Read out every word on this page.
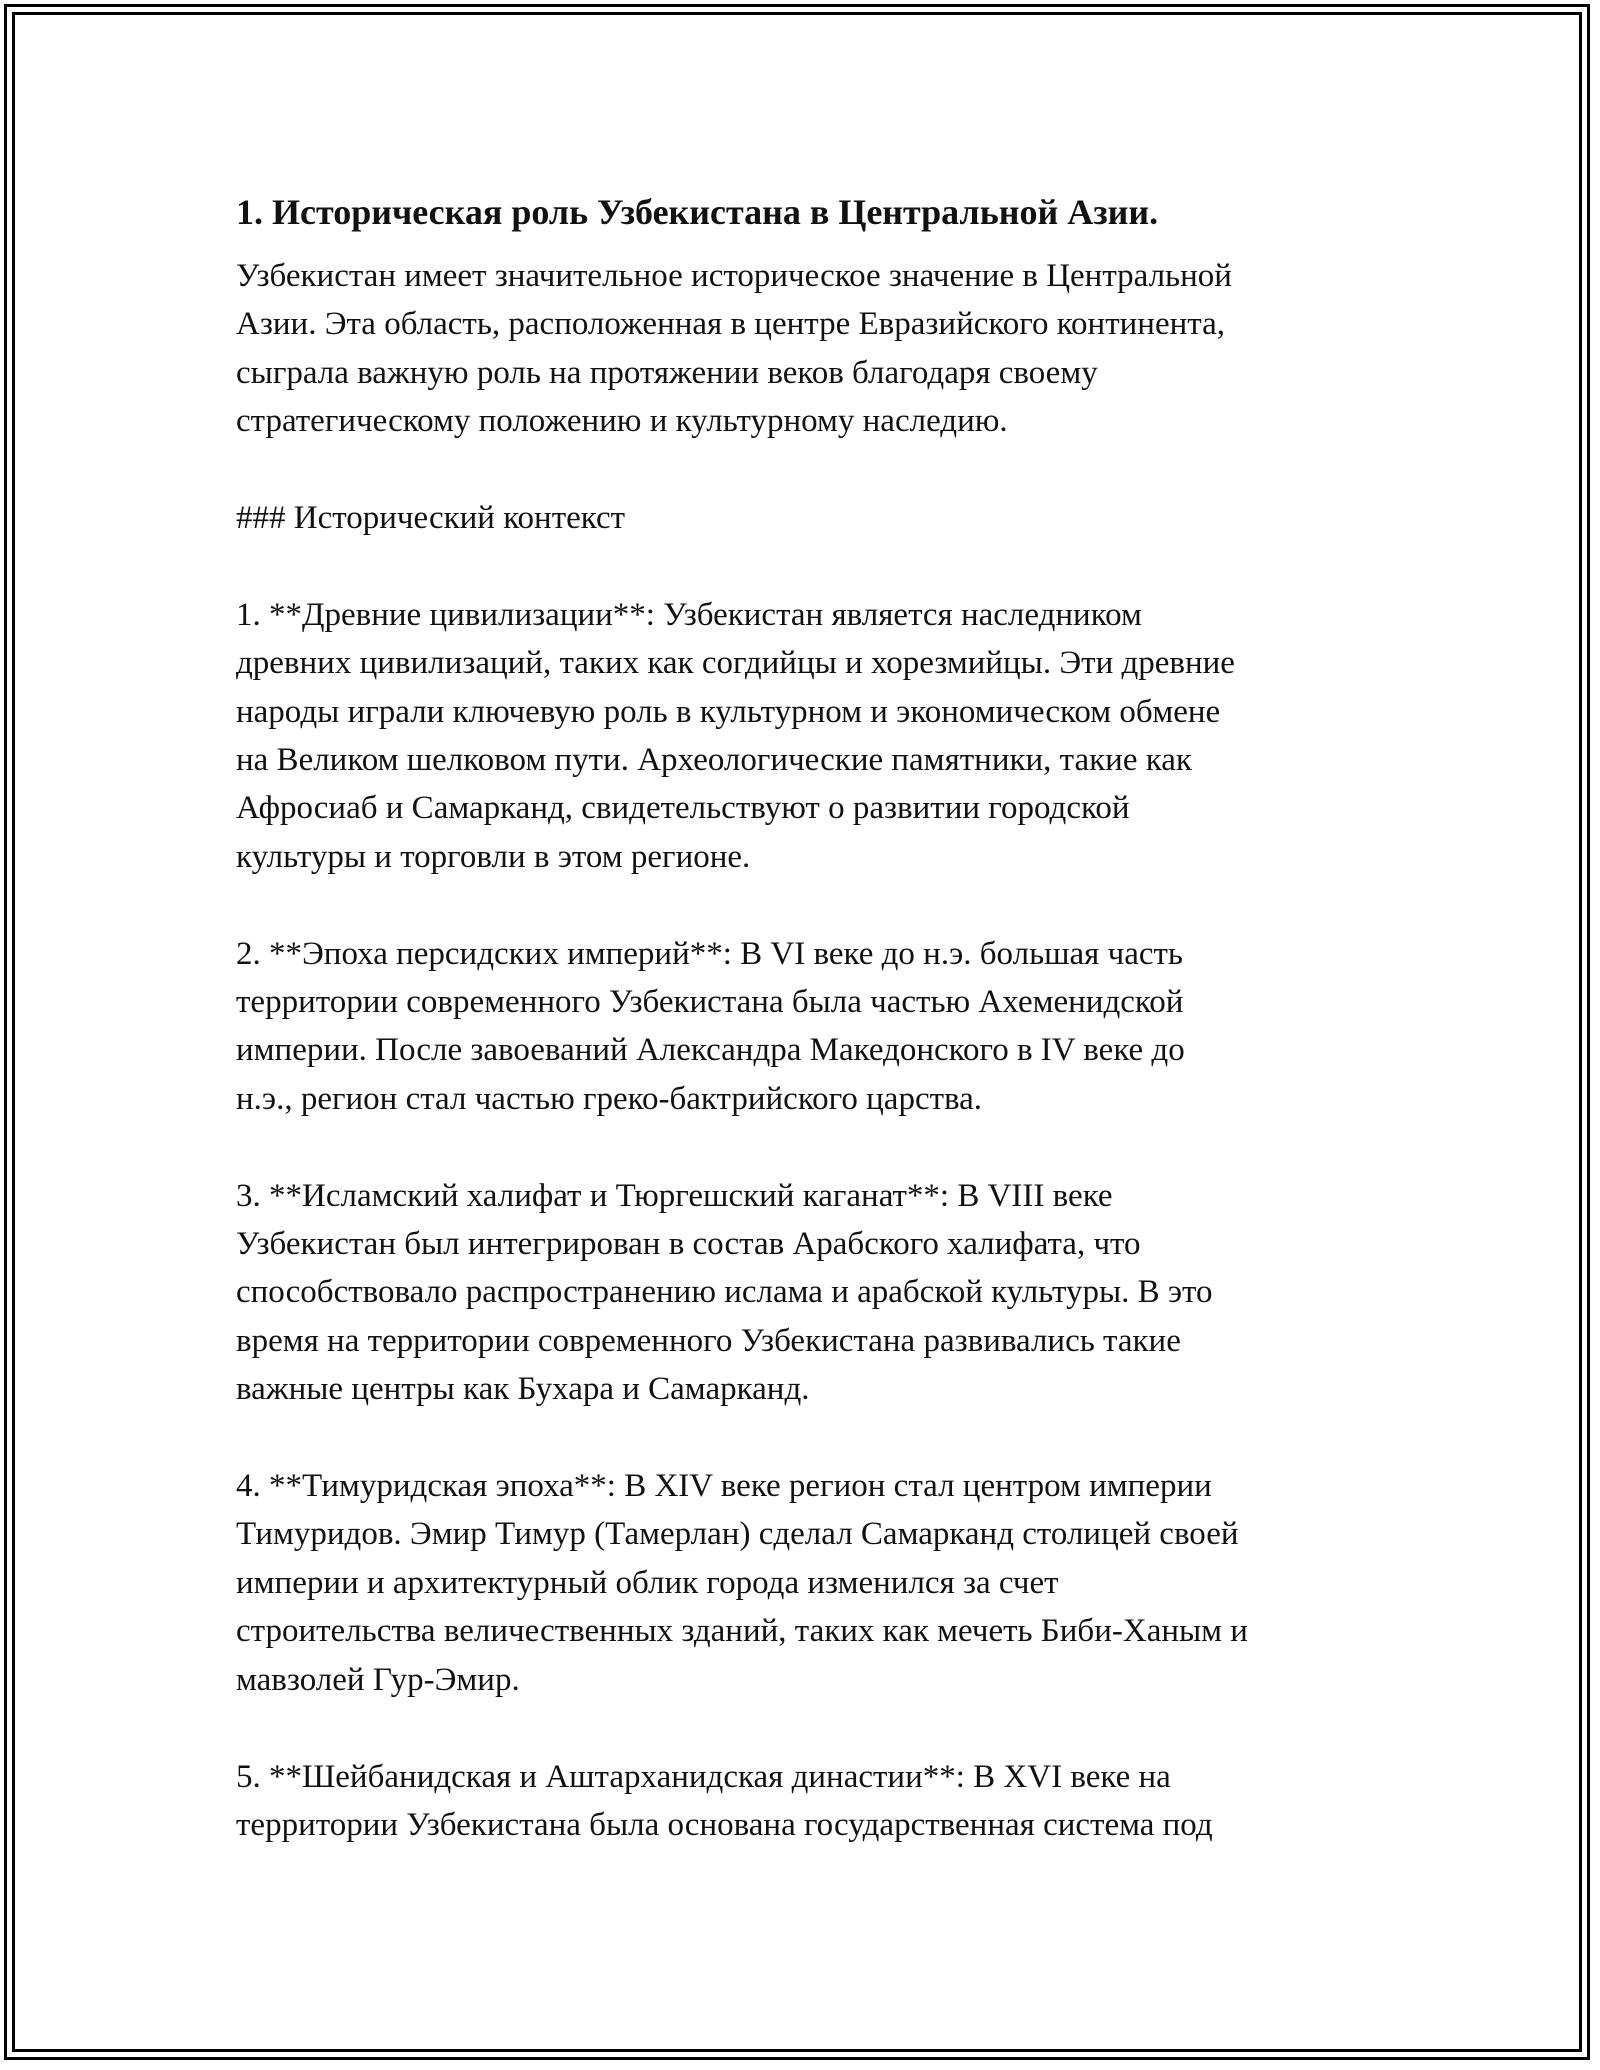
1. Историческая роль Узбекистана в Центральной Азии.

Узбекистан имеет значительное историческое значение в Центральной
Азии. Эта область, расположенная в центре Евразийского континента,
сыграла важную роль на протяжении веков благодаря своему
стратегическому положению и культурному наследию.

### Исторический контекст

1. **Древние цивилизации**: Узбекистан является наследником
древних цивилизаций, таких как согдийцы и хорезмийцы. Эти древние
народы играли ключевую роль в культурном и экономическом обмене
на Великом шелковом пути. Археологические памятники, такие как
Афросиаб и Самарканд, свидетельствуют о развитии городской
культуры и торговли в этом регионе.

2. **Эпоха персидских империй**: В VI веке до н.э. большая часть
территории современного Узбекистана была частью Ахеменидской
империи. После завоеваний Александра Македонского в IV веке до
н.э., регион стал частью греко-бактрийского царства.

3. **Исламский халифат и Тюргешский каганат**: В VIII веке
Узбекистан был интегрирован в состав Арабского халифата, что
способствовало распространению ислама и арабской культуры. В это
время на территории современного Узбекистана развивались такие
важные центры как Бухара и Самарканд.

4. **Тимуридская эпоха**: В XIV веке регион стал центром империи
Тимуридов. Эмир Тимур (Тамерлан) сделал Самарканд столицей своей
империи и архитектурный облик города изменился за счет
строительства величественных зданий, таких как мечеть Биби-Ханым и
мавзолей Гур-Эмир.

5. **Шейбанидская и Аштарханидская династии**: В XVI веке на
территории Узбекистана была основана государственная система под
